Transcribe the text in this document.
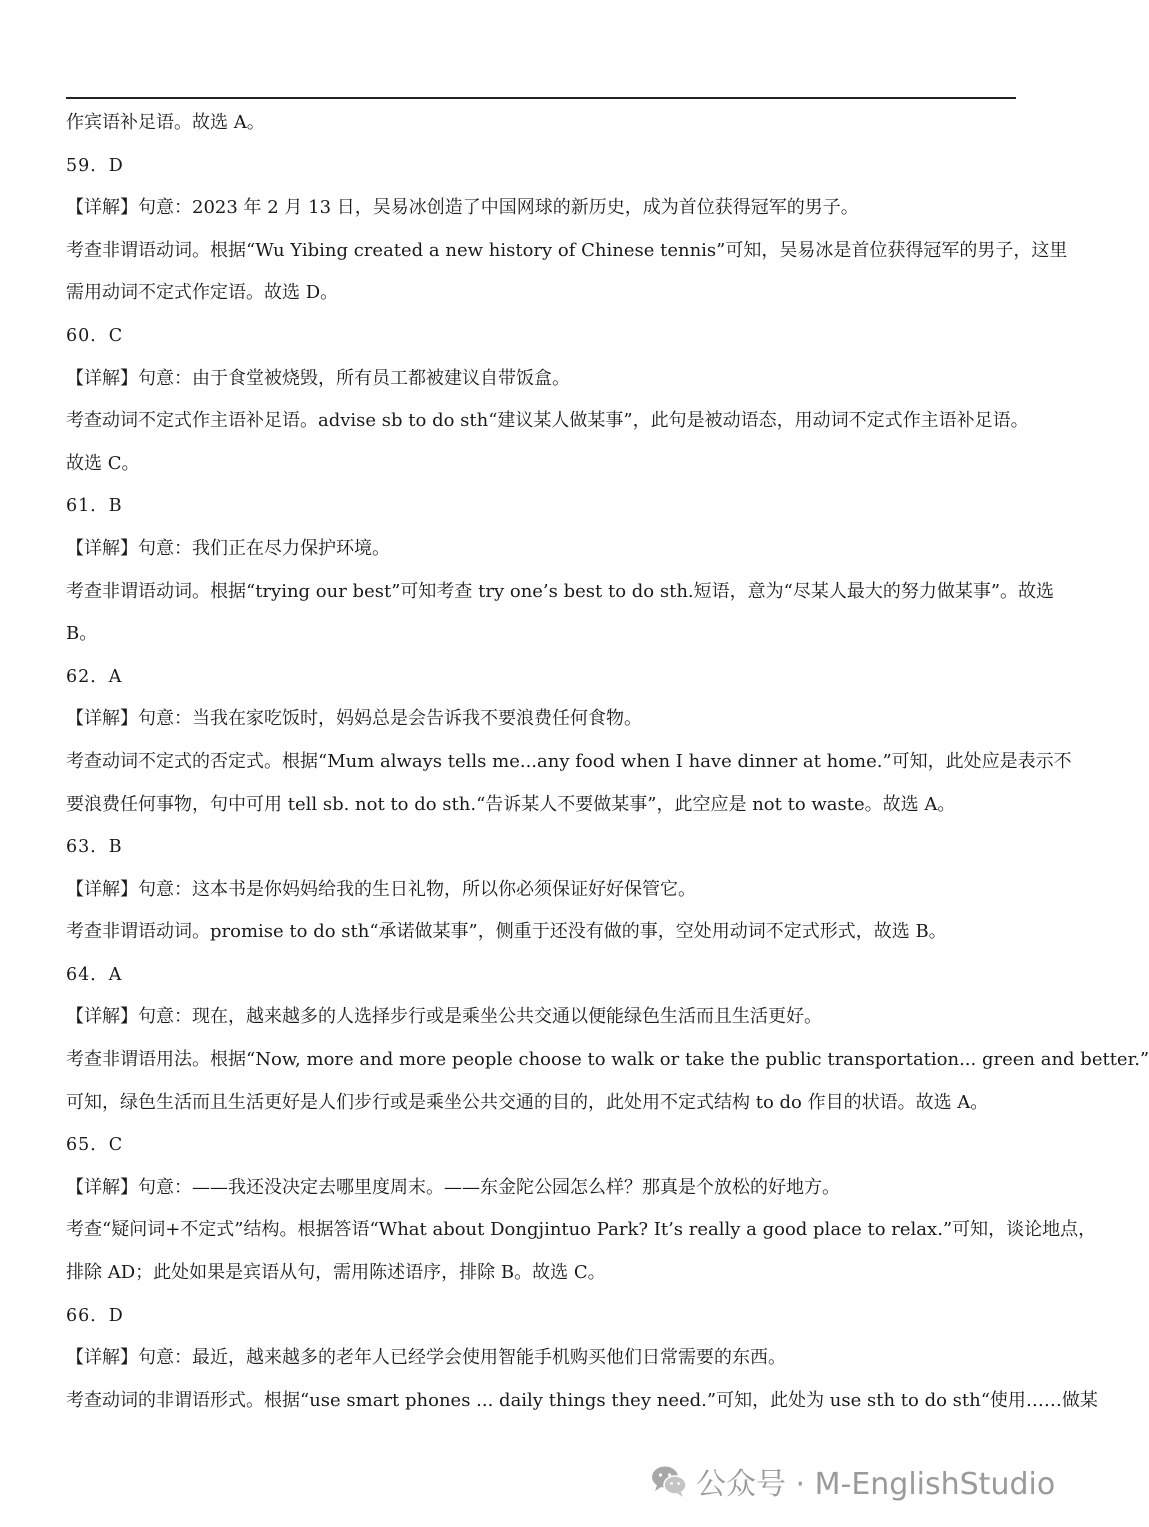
作宾语补足语。故选 A。
59．D
【详解】句意：2023 年 2 月 13 日，吴易冰创造了中国网球的新历史，成为首位获得冠军的男子。
考查非谓语动词。根据“Wu Yibing created a new history of Chinese tennis”可知，吴易冰是首位获得冠军的男子，这里
需用动词不定式作定语。故选 D。
60．C
【详解】句意：由于食堂被烧毁，所有员工都被建议自带饭盒。
考查动词不定式作主语补足语。advise sb to do sth“建议某人做某事”，此句是被动语态，用动词不定式作主语补足语。
故选 C。
61．B
【详解】句意：我们正在尽力保护环境。
考查非谓语动词。根据“trying our best”可知考查 try one’s best to do sth.短语，意为“尽某人最大的努力做某事”。故选
B。
62．A
【详解】句意：当我在家吃饭时，妈妈总是会告诉我不要浪费任何食物。
考查动词不定式的否定式。根据“Mum always tells me...any food when I have dinner at home.”可知，此处应是表示不
要浪费任何事物，句中可用 tell sb. not to do sth.“告诉某人不要做某事”，此空应是 not to waste。故选 A。
63．B
【详解】句意：这本书是你妈妈给我的生日礼物，所以你必须保证好好保管它。
考查非谓语动词。promise to do sth“承诺做某事”，侧重于还没有做的事，空处用动词不定式形式，故选 B。
64．A
【详解】句意：现在，越来越多的人选择步行或是乘坐公共交通以便能绿色生活而且生活更好。
考查非谓语用法。根据“Now, more and more people choose to walk or take the public transportation... green and better.”
可知，绿色生活而且生活更好是人们步行或是乘坐公共交通的目的，此处用不定式结构 to do 作目的状语。故选 A。
65．C
【详解】句意：——我还没决定去哪里度周末。——东金陀公园怎么样？那真是个放松的好地方。
考查“疑问词+不定式”结构。根据答语“What about Dongjintuo Park? It’s really a good place to relax.”可知，谈论地点，
排除 AD；此处如果是宾语从句，需用陈述语序，排除 B。故选 C。
66．D
【详解】句意：最近，越来越多的老年人已经学会使用智能手机购买他们日常需要的东西。
考查动词的非谓语形式。根据“use smart phones ... daily things they need.”可知，此处为 use sth to do sth“使用……做某
公众号 · M-EnglishStudio
